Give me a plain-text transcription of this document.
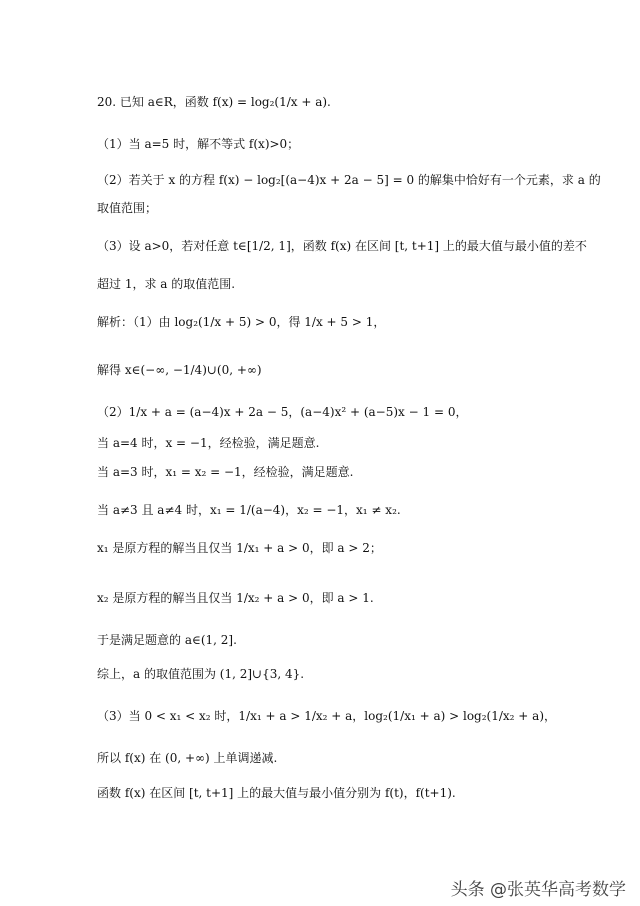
20. 已知 a∈R，函数 f(x) = log₂(1/x + a).
（1）当 a=5 时，解不等式 f(x)>0；
（2）若关于 x 的方程 f(x) − log₂[(a−4)x + 2a − 5] = 0 的解集中恰好有一个元素，求 a 的
取值范围；
（3）设 a>0，若对任意 t∈[1/2, 1]，函数 f(x) 在区间 [t, t+1] 上的最大值与最小值的差不
超过 1，求 a 的取值范围.
解析：（1）由 log₂(1/x + 5) > 0，得 1/x + 5 > 1，
解得 x∈(−∞, −1/4)∪(0, +∞)
（2）1/x + a = (a−4)x + 2a − 5，(a−4)x² + (a−5)x − 1 = 0，
当 a=4 时，x = −1，经检验，满足题意.
当 a=3 时，x₁ = x₂ = −1，经检验，满足题意.
当 a≠3 且 a≠4 时，x₁ = 1/(a−4)，x₂ = −1，x₁ ≠ x₂.
x₁ 是原方程的解当且仅当 1/x₁ + a > 0，即 a > 2；
x₂ 是原方程的解当且仅当 1/x₂ + a > 0，即 a > 1.
于是满足题意的 a∈(1, 2].
综上，a 的取值范围为 (1, 2]∪{3, 4}.
（3）当 0 < x₁ < x₂ 时，1/x₁ + a > 1/x₂ + a，log₂(1/x₁ + a) > log₂(1/x₂ + a)，
所以 f(x) 在 (0, +∞) 上单调递减.
函数 f(x) 在区间 [t, t+1] 上的最大值与最小值分别为 f(t)，f(t+1).
头条 @张英华高考数学
